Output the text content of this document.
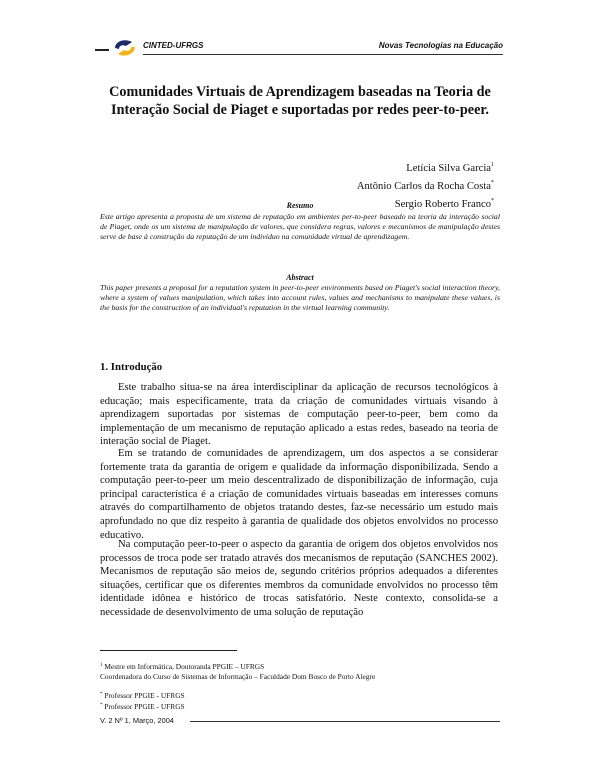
CINTED-UFRGS	Novas Tecnologias na Educação
Comunidades Virtuais de Aprendizagem baseadas na Teoria de
Interação Social de Piaget e suportadas por redes peer-to-peer.
Letícia Silva Garcia$^1$
Antônio Carlos da Rocha Costa*
Sergio Roberto Franco*
Resumo

Este artigo apresenta a proposta de um sistema de reputação em ambientes per-to-peer baseado na teoria da interação social de Piaget, onde os um sistema de manipulação de valores, que considera regras, valores e mecanismos de manipulação destes serve de base à construção da reputação de um indivíduo na comunidade virtual de aprendizagem.

Abstract

This paper presents a proposal for a reputation system in peer-to-peer environments based on Piaget's social interaction theory, where a system of values manipulation, which takes into account rules, values and mechanisms to manipulate these values, is the basis for the construction of an individual's reputation in the virtual learning community.

1. Introdução

Este trabalho situa-se na área interdisciplinar da aplicação de recursos tecnológicos à educação; mais especificamente, trata da criação de comunidades virtuais visando à aprendizagem suportadas por sistemas de computação peer-to-peer, bem como da implementação de um mecanismo de reputação aplicado a estas redes, baseado na teoria de interação social de Piaget.

Em se tratando de comunidades de aprendizagem, um dos aspectos a se considerar fortemente trata da garantia de origem e qualidade da informação disponibilizada. Sendo a computação peer-to-peer um meio descentralizado de disponibilização de informação, cuja principal característica é a criação de comunidades virtuais baseadas em interesses comuns através do compartilhamento de objetos tratando destes, faz-se necessário um estudo mais aprofundado no que diz respeito à garantia de qualidade dos objetos envolvidos no processo educativo.

Na computação peer-to-peer o aspecto da garantia de origem dos objetos envolvidos nos processos de troca pode ser tratado através dos mecanismos de reputação (SANCHES 2002). Mecanismos de reputação são meios de, segundo critérios próprios adequados a diferentes situações, certificar que os diferentes membros da comunidade envolvidos no processo têm identidade idônea e histórico de trocas satisfatório. Neste contexto, consolida-se a necessidade de desenvolvimento de uma solução de reputação

$^1$ Mestre em Informática, Doutoranda PPGIE – UFRGS
Coordenadora do Curso de Sistemas de Informação – Faculdade Dom Bosco de Porto Alegre
* Professor PPGIE - UFRGS
* Professor PPGIE - UFRGS
V. 2 Nº 1, Março, 2004
